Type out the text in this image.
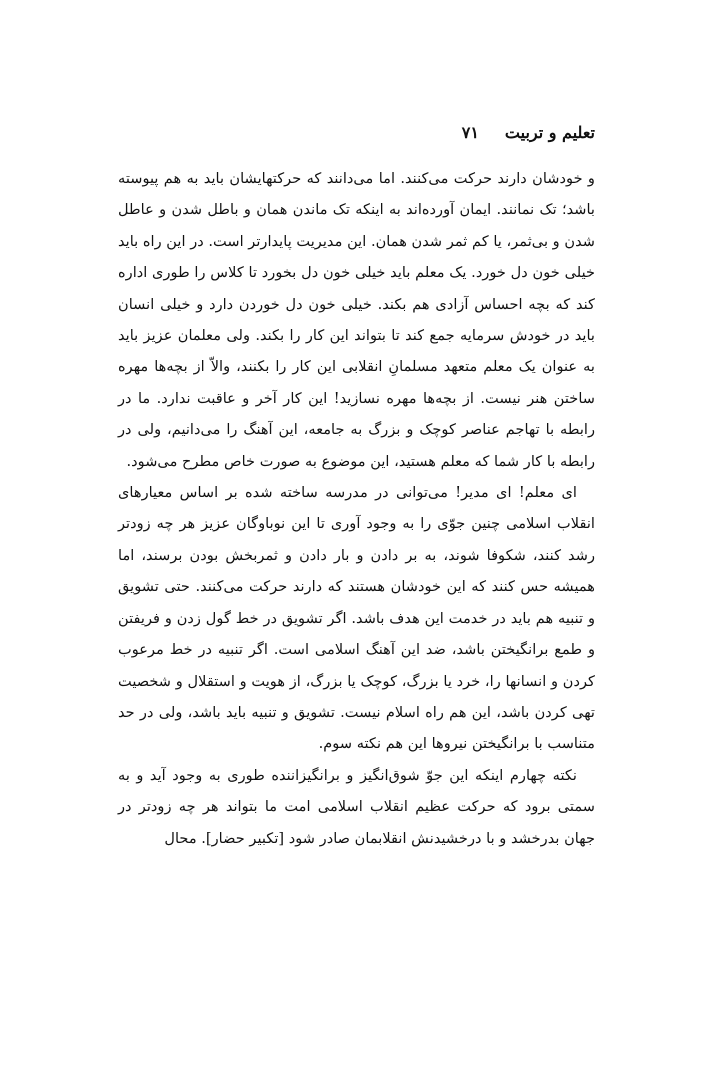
تعلیم و تربیت
۷۱

و خودشان دارند حرکت می‌کنند. اما می‌دانند که حرکتهایشان باید به هم پیوسته باشد؛ تک نمانند. ایمان آورده‌اند به اینکه تک ماندن همان و باطل شدن و عاطل شدن و بی‌ثمر، یا کم ثمر شدن همان. این مدیریت پایدارتر است. در این راه باید خیلی خون دل خورد. یک معلم باید خیلی خون دل بخورد تا کلاس را طوری اداره کند که بچه احساس آزادی هم بکند. خیلی خون دل خوردن دارد و خیلی انسان باید در خودش سرمایه جمع کند تا بتواند این کار را بکند. ولی معلمان عزیز باید به عنوان یک معلم متعهد مسلمانِ انقلابی این کار را بکنند، والاّ از بچه‌ها مهره ساختن هنر نیست. از بچه‌ها مهره نسازید! این کار آخر و عاقبت ندارد. ما در رابطه با تهاجم عناصر کوچک و بزرگ به جامعه، این آهنگ را می‌دانیم، ولی در رابطه با کار شما که معلم هستید، این موضوع به صورت خاص مطرح می‌شود.

ای معلم! ای مدیر! می‌توانی در مدرسه ساخته شده بر اساس معیارهای انقلاب اسلامی چنین جوّی را به وجود آوری تا این نوباوگان عزیز هر چه زودتر رشد کنند، شکوفا شوند، به بر دادن و بار دادن و ثمربخش بودن برسند، اما همیشه حس کنند که این خودشان هستند که دارند حرکت می‌کنند. حتی تشویق و تنبیه هم باید در خدمت این هدف باشد. اگر تشویق در خط گول زدن و فریفتن و طمع برانگیختن باشد، ضد این آهنگ اسلامی است. اگر تنبیه در خط مرعوب کردن و انسانها را، خرد یا بزرگ، کوچک یا بزرگ، از هویت و استقلال و شخصیت تهی کردن باشد، این هم راه اسلام نیست. تشویق و تنبیه باید باشد، ولی در حد متناسب با برانگیختن نیروها این هم نکته سوم.

نکته چهارم اینکه این جوّ شوق‌انگیز و برانگیزاننده طوری به وجود آید و به سمتی برود که حرکت عظیم انقلاب اسلامی امت ما بتواند هر چه زودتر در جهان بدرخشد و با درخشیدنش انقلابمان صادر شود [تکبیر حضار]. محال
